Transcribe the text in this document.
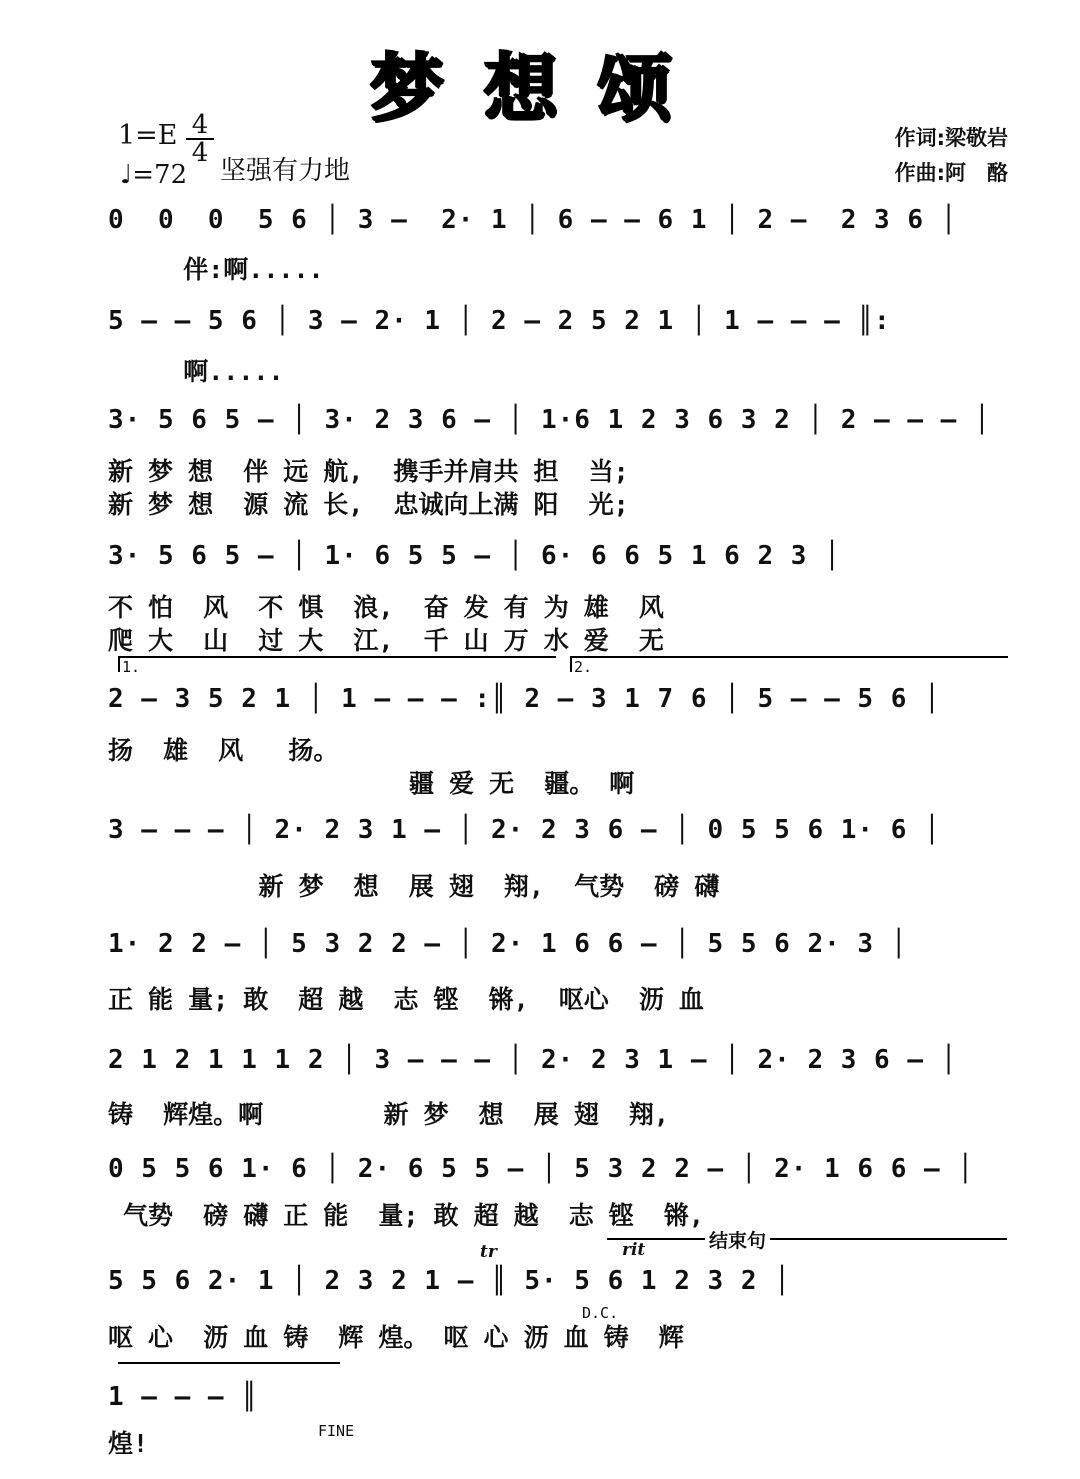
梦想颂
$1=E \frac{4}{4}$
♩=72 坚强有力地
作词:梁敬岩
作曲:阿　酪
0  0  0  5 6 │ 3 –  2· 1 │ 6 – – 6 1 │ 2 –  2 3 6 │
伴:啊.....
5 – – 5 6 │ 3 – 2· 1 │ 2 – 2 5 2 1 │ 1 – – – ║:
啊.....
3· 5 6 5 – │ 3· 2 3 6 – │ 1·6 1 2 3 6 3 2 │ 2 – – – │
新 梦 想  伴 远 航,  携手并肩共 担  当;
新 梦 想  源 流 长,  忠诚向上满 阳  光;
3· 5 6 5 – │ 1· 6 5 5 – │ 6· 6 6 5 1 6 2 3 │
不 怕  风  不 惧  浪,  奋 发 有 为 雄  风
爬 大  山  过 大  江,  千 山 万 水 爱  无
1.	2.
2 – 3 5 2 1 │ 1 – – – :║ 2 – 3 1 7 6 │ 5 – – 5 6 │
扬  雄  风   扬。
疆 爱 无  疆。 啊
3 – – – │ 2· 2 3 1 – │ 2· 2 3 6 – │ 0 5 5 6 1· 6 │
新 梦  想  展 翅  翔,  气势  磅 礴
1· 2 2 – │ 5 3 2 2 – │ 2· 1 6 6 – │ 5 5 6 2· 3 │
正 能 量; 敢  超 越  志 铿  锵,  呕心  沥 血
2 1 2 1 1 1 2 │ 3 – – – │ 2· 2 3 1 – │ 2· 2 3 6 – │
铸  辉煌。啊        新 梦  想  展 翅  翔,
0 5 5 6 1· 6 │ 2· 6 5 5 – │ 5 3 2 2 – │ 2· 1 6 6 – │
气势  磅 礴 正 能  量; 敢 超 越  志 铿  锵,
结束句
rit
tr
5 5 6 2· 1 │ 2 3 2 1 – ║ 5· 5 6 1 2 3 2 │
D.C.
呕 心  沥 血 铸  辉 煌。 呕 心 沥 血 铸  辉
1 – – – ║
FINE
煌!
